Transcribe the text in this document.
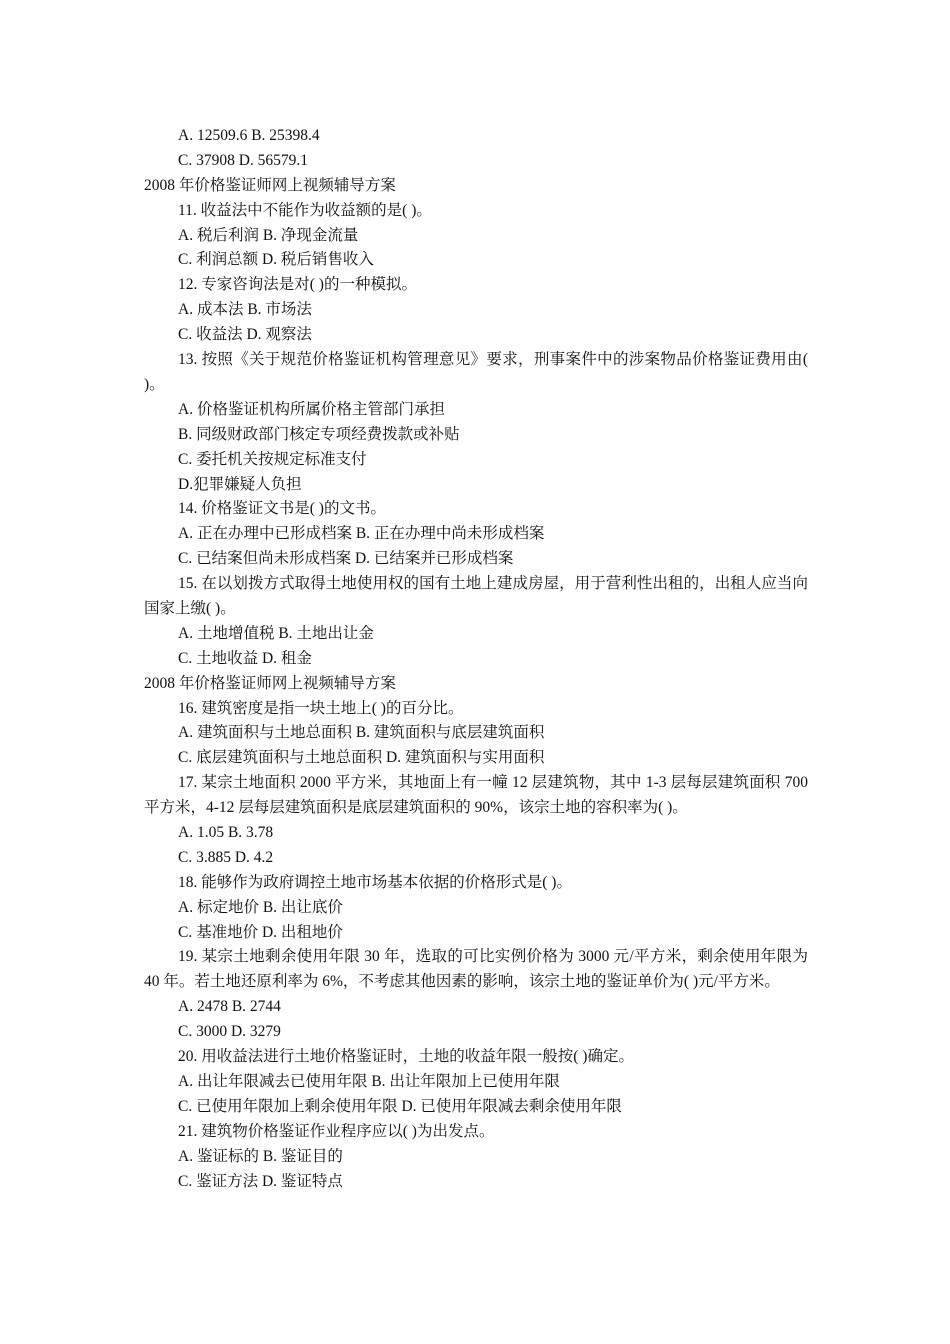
A. 12509.6 B. 25398.4
C. 37908 D. 56579.1
2008 年价格鉴证师网上视频辅导方案
11. 收益法中不能作为收益额的是( )。
A. 税后利润 B. 净现金流量
C. 利润总额 D. 税后销售收入
12. 专家咨询法是对( )的一种模拟。
A. 成本法 B. 市场法
C. 收益法 D. 观察法
13. 按照《关于规范价格鉴证机构管理意见》要求，刑事案件中的涉案物品价格鉴证费用由( )。
A. 价格鉴证机构所属价格主管部门承担
B. 同级财政部门核定专项经费拨款或补贴
C. 委托机关按规定标准支付
D.犯罪嫌疑人负担
14. 价格鉴证文书是( )的文书。
A. 正在办理中已形成档案 B. 正在办理中尚未形成档案
C. 已结案但尚未形成档案 D. 已结案并已形成档案
15. 在以划拨方式取得土地使用权的国有土地上建成房屋，用于营利性出租的，出租人应当向国家上缴( )。
A. 土地增值税 B. 土地出让金
C. 土地收益 D. 租金
2008 年价格鉴证师网上视频辅导方案
16. 建筑密度是指一块土地上( )的百分比。
A. 建筑面积与土地总面积 B. 建筑面积与底层建筑面积
C. 底层建筑面积与土地总面积 D. 建筑面积与实用面积
17. 某宗土地面积 2000 平方米，其地面上有一幢 12 层建筑物，其中 1-3 层每层建筑面积 700 平方米，4-12 层每层建筑面积是底层建筑面积的 90%，该宗土地的容积率为( )。
A. 1.05 B. 3.78
C. 3.885 D. 4.2
18. 能够作为政府调控土地市场基本依据的价格形式是( )。
A. 标定地价 B. 出让底价
C. 基准地价 D. 出租地价
19. 某宗土地剩余使用年限 30 年，选取的可比实例价格为 3000 元/平方米，剩余使用年限为 40 年。若土地还原利率为 6%，不考虑其他因素的影响，该宗土地的鉴证单价为( )元/平方米。
A. 2478 B. 2744
C. 3000 D. 3279
20. 用收益法进行土地价格鉴证时，土地的收益年限一般按( )确定。
A. 出让年限减去已使用年限 B. 出让年限加上已使用年限
C. 已使用年限加上剩余使用年限 D. 已使用年限减去剩余使用年限
21. 建筑物价格鉴证作业程序应以( )为出发点。
A. 鉴证标的 B. 鉴证目的
C. 鉴证方法 D. 鉴证特点
